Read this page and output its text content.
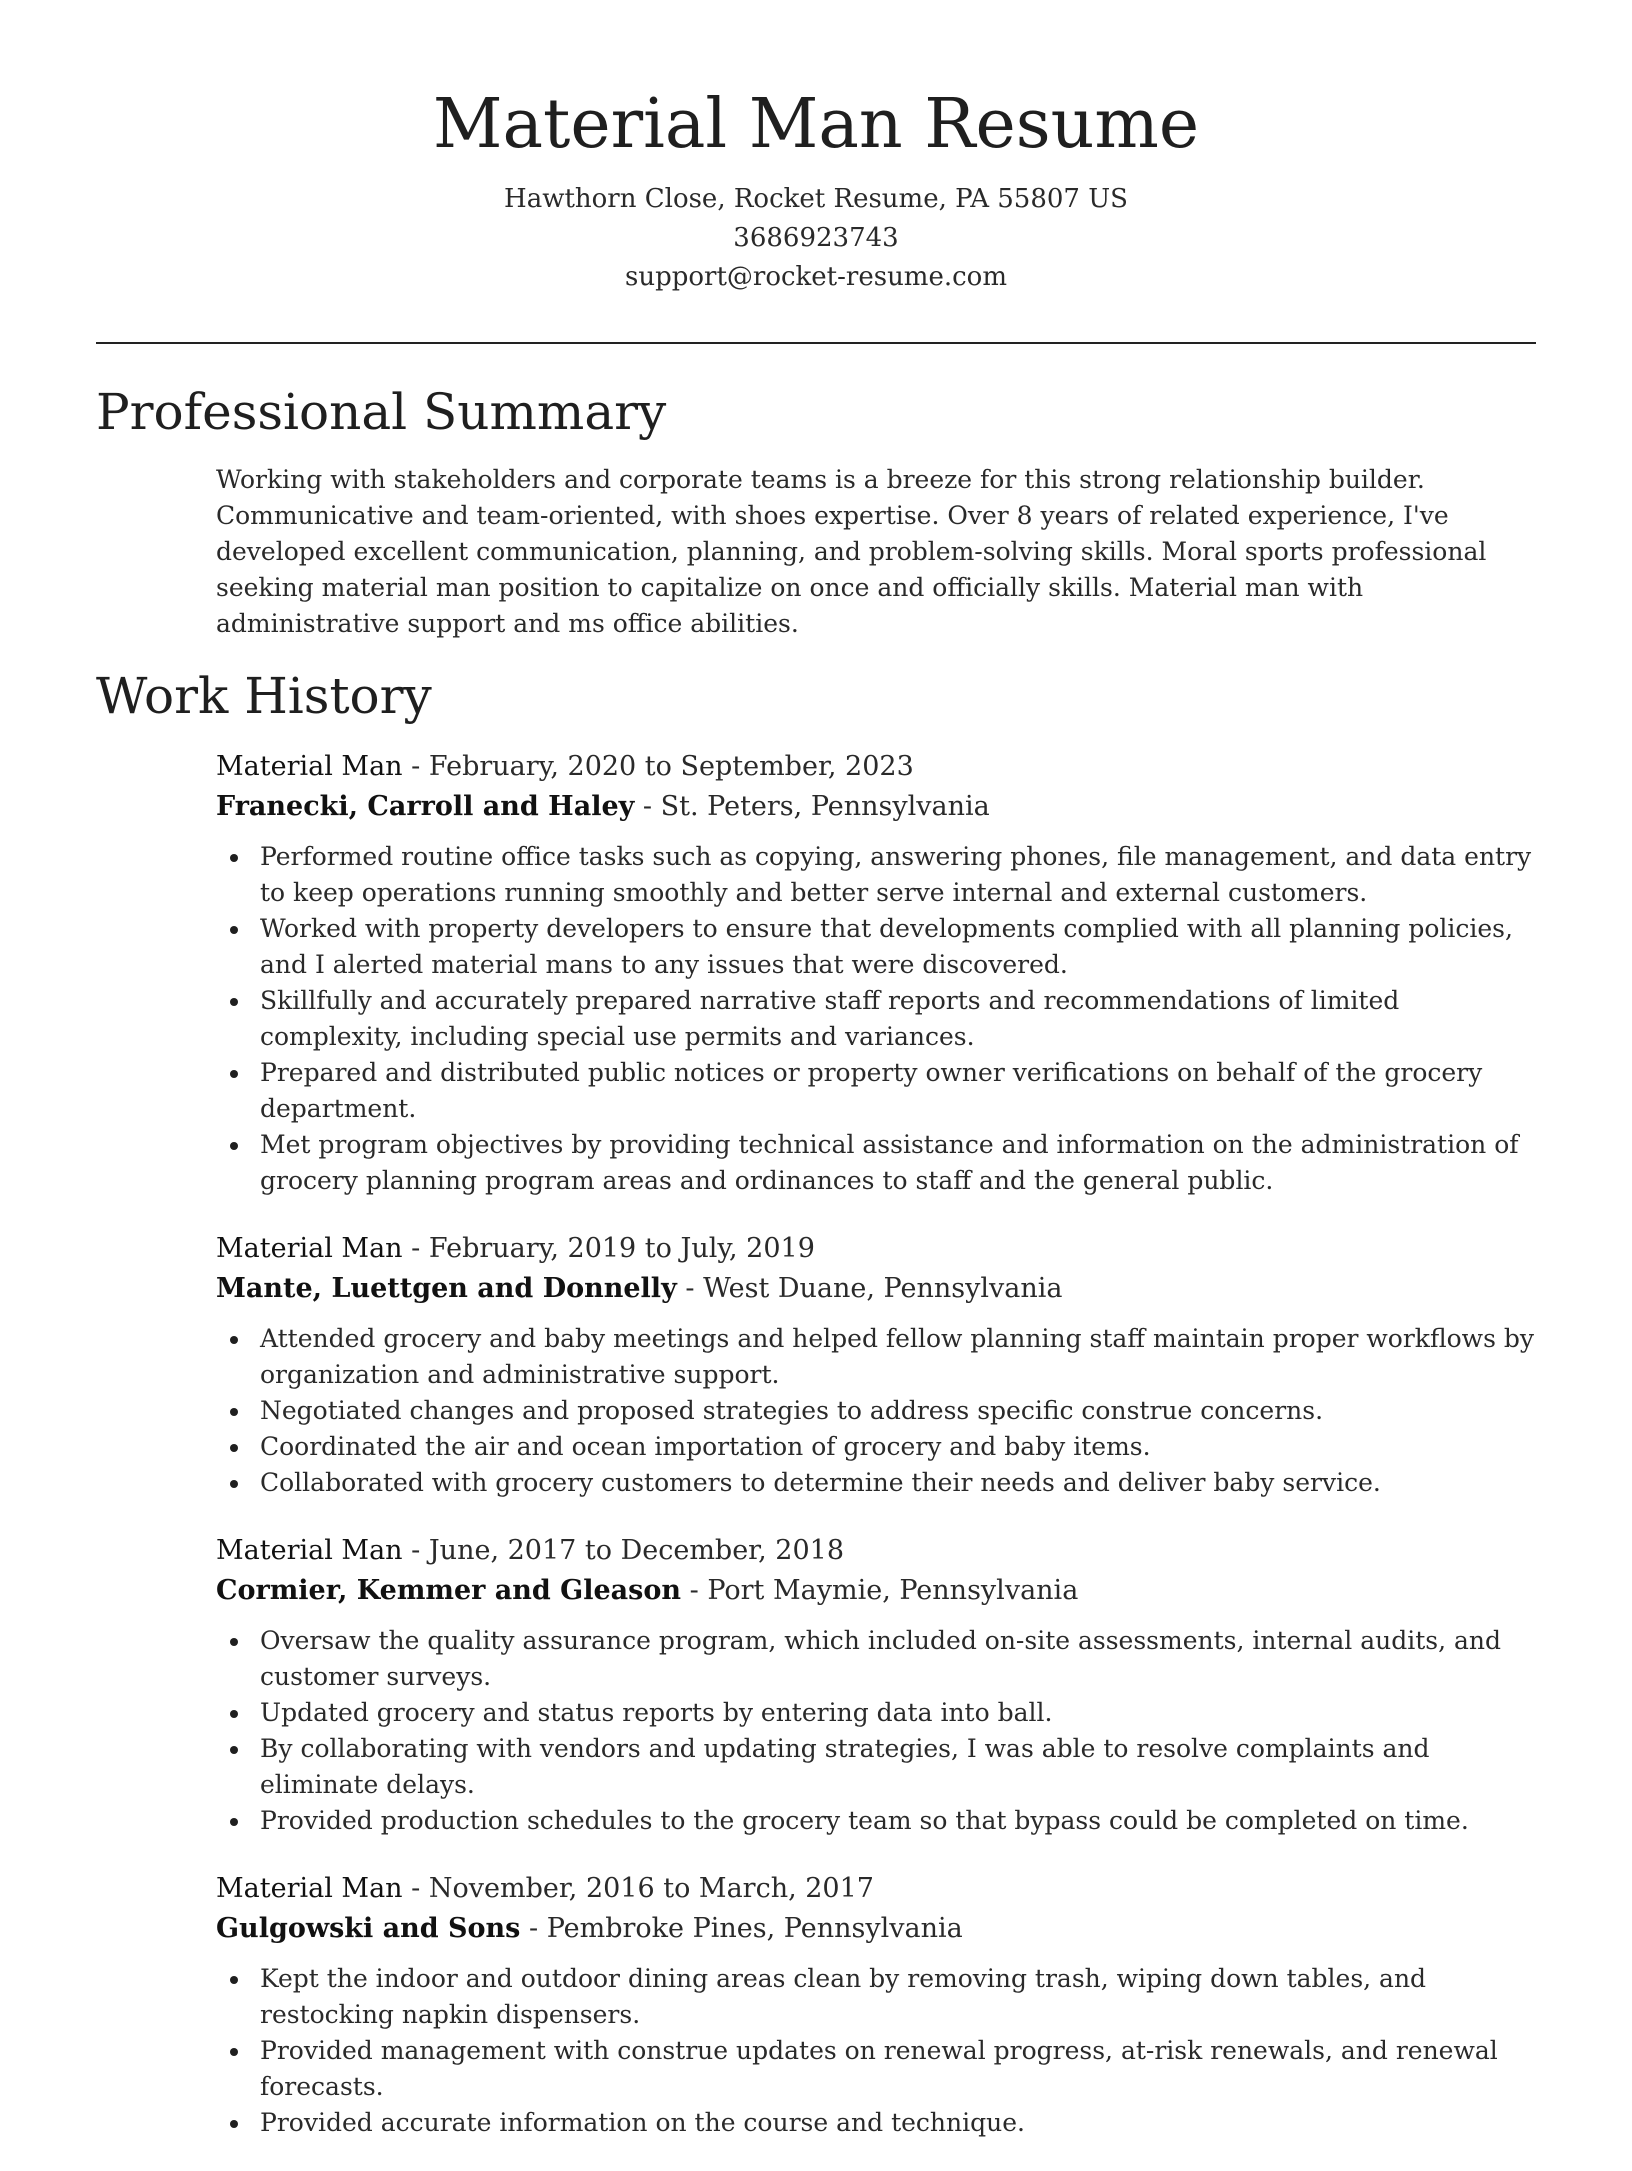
Material Man Resume
Hawthorn Close, Rocket Resume, PA 55807 US
3686923743
support@rocket-resume.com
Professional Summary
Working with stakeholders and corporate teams is a breeze for this strong relationship builder. Communicative and team-oriented, with shoes expertise. Over 8 years of related experience, I've developed excellent communication, planning, and problem-solving skills. Moral sports professional seeking material man position to capitalize on once and officially skills. Material man with administrative support and ms office abilities.
Work History
Material Man - February, 2020 to September, 2023
Franecki, Carroll and Haley - St. Peters, Pennsylvania
Performed routine office tasks such as copying, answering phones, file management, and data entry to keep operations running smoothly and better serve internal and external customers.
Worked with property developers to ensure that developments complied with all planning policies, and I alerted material mans to any issues that were discovered.
Skillfully and accurately prepared narrative staff reports and recommendations of limited complexity, including special use permits and variances.
Prepared and distributed public notices or property owner verifications on behalf of the grocery department.
Met program objectives by providing technical assistance and information on the administration of grocery planning program areas and ordinances to staff and the general public.
Material Man - February, 2019 to July, 2019
Mante, Luettgen and Donnelly - West Duane, Pennsylvania
Attended grocery and baby meetings and helped fellow planning staff maintain proper workflows by organization and administrative support.
Negotiated changes and proposed strategies to address specific construe concerns.
Coordinated the air and ocean importation of grocery and baby items.
Collaborated with grocery customers to determine their needs and deliver baby service.
Material Man - June, 2017 to December, 2018
Cormier, Kemmer and Gleason - Port Maymie, Pennsylvania
Oversaw the quality assurance program, which included on-site assessments, internal audits, and customer surveys.
Updated grocery and status reports by entering data into ball.
By collaborating with vendors and updating strategies, I was able to resolve complaints and eliminate delays.
Provided production schedules to the grocery team so that bypass could be completed on time.
Material Man - November, 2016 to March, 2017
Gulgowski and Sons - Pembroke Pines, Pennsylvania
Kept the indoor and outdoor dining areas clean by removing trash, wiping down tables, and restocking napkin dispensers.
Provided management with construe updates on renewal progress, at-risk renewals, and renewal forecasts.
Provided accurate information on the course and technique.
